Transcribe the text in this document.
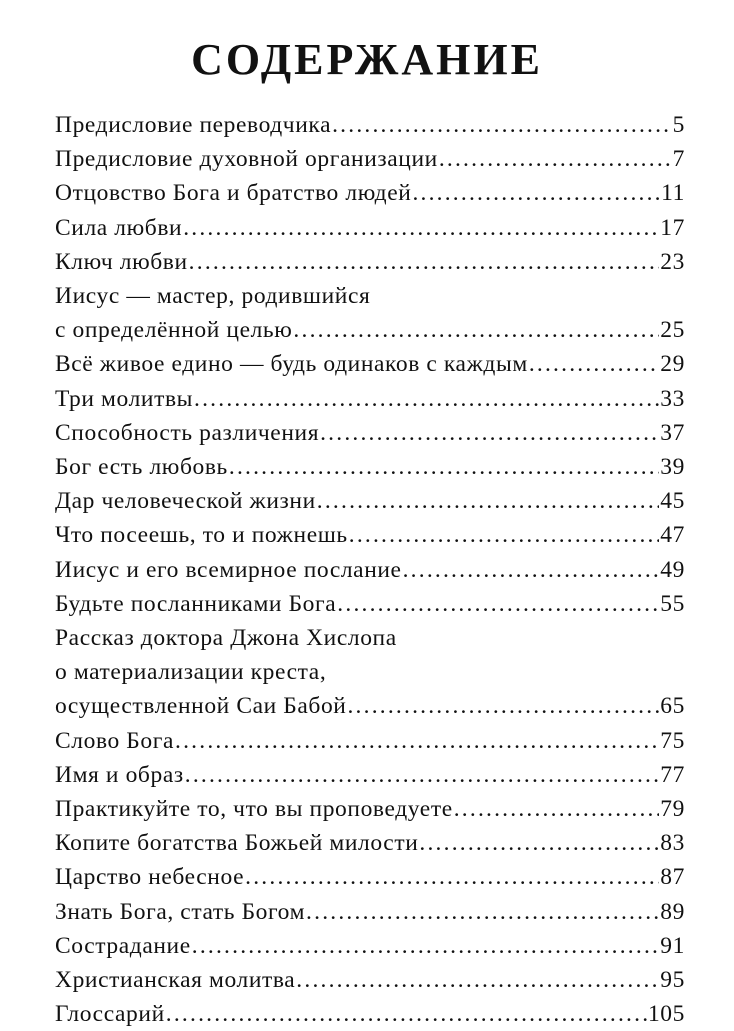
СОДЕРЖАНИЕ
Предисловие переводчика .....	5
Предисловие духовной организации .....	7
Отцовство Бога и братство людей .....	11
Сила любви .....	17
Ключ любви .....	23
Иисус — мастер, родившийся
с определённой целью .....	25
Всё живое едино — будь одинаков с каждым .....	29
Три молитвы .....	33
Способность различения .....	37
Бог есть любовь .....	39
Дар человеческой жизни .....	45
Что посеешь, то и пожнешь .....	47
Иисус и его всемирное послание .....	49
Будьте посланниками Бога .....	55
Рассказ доктора Джона Хислопа
о материализации креста,
осуществленной Саи Бабой .....	65
Слово Бога .....	75
Имя и образ .....	77
Практикуйте то, что вы проповедуете .....	79
Копите богатства Божьей милости .....	83
Царство небесное .....	87
Знать Бога, стать Богом .....	89
Сострадание .....	91
Христианская молитва .....	95
Глоссарий .....	105
